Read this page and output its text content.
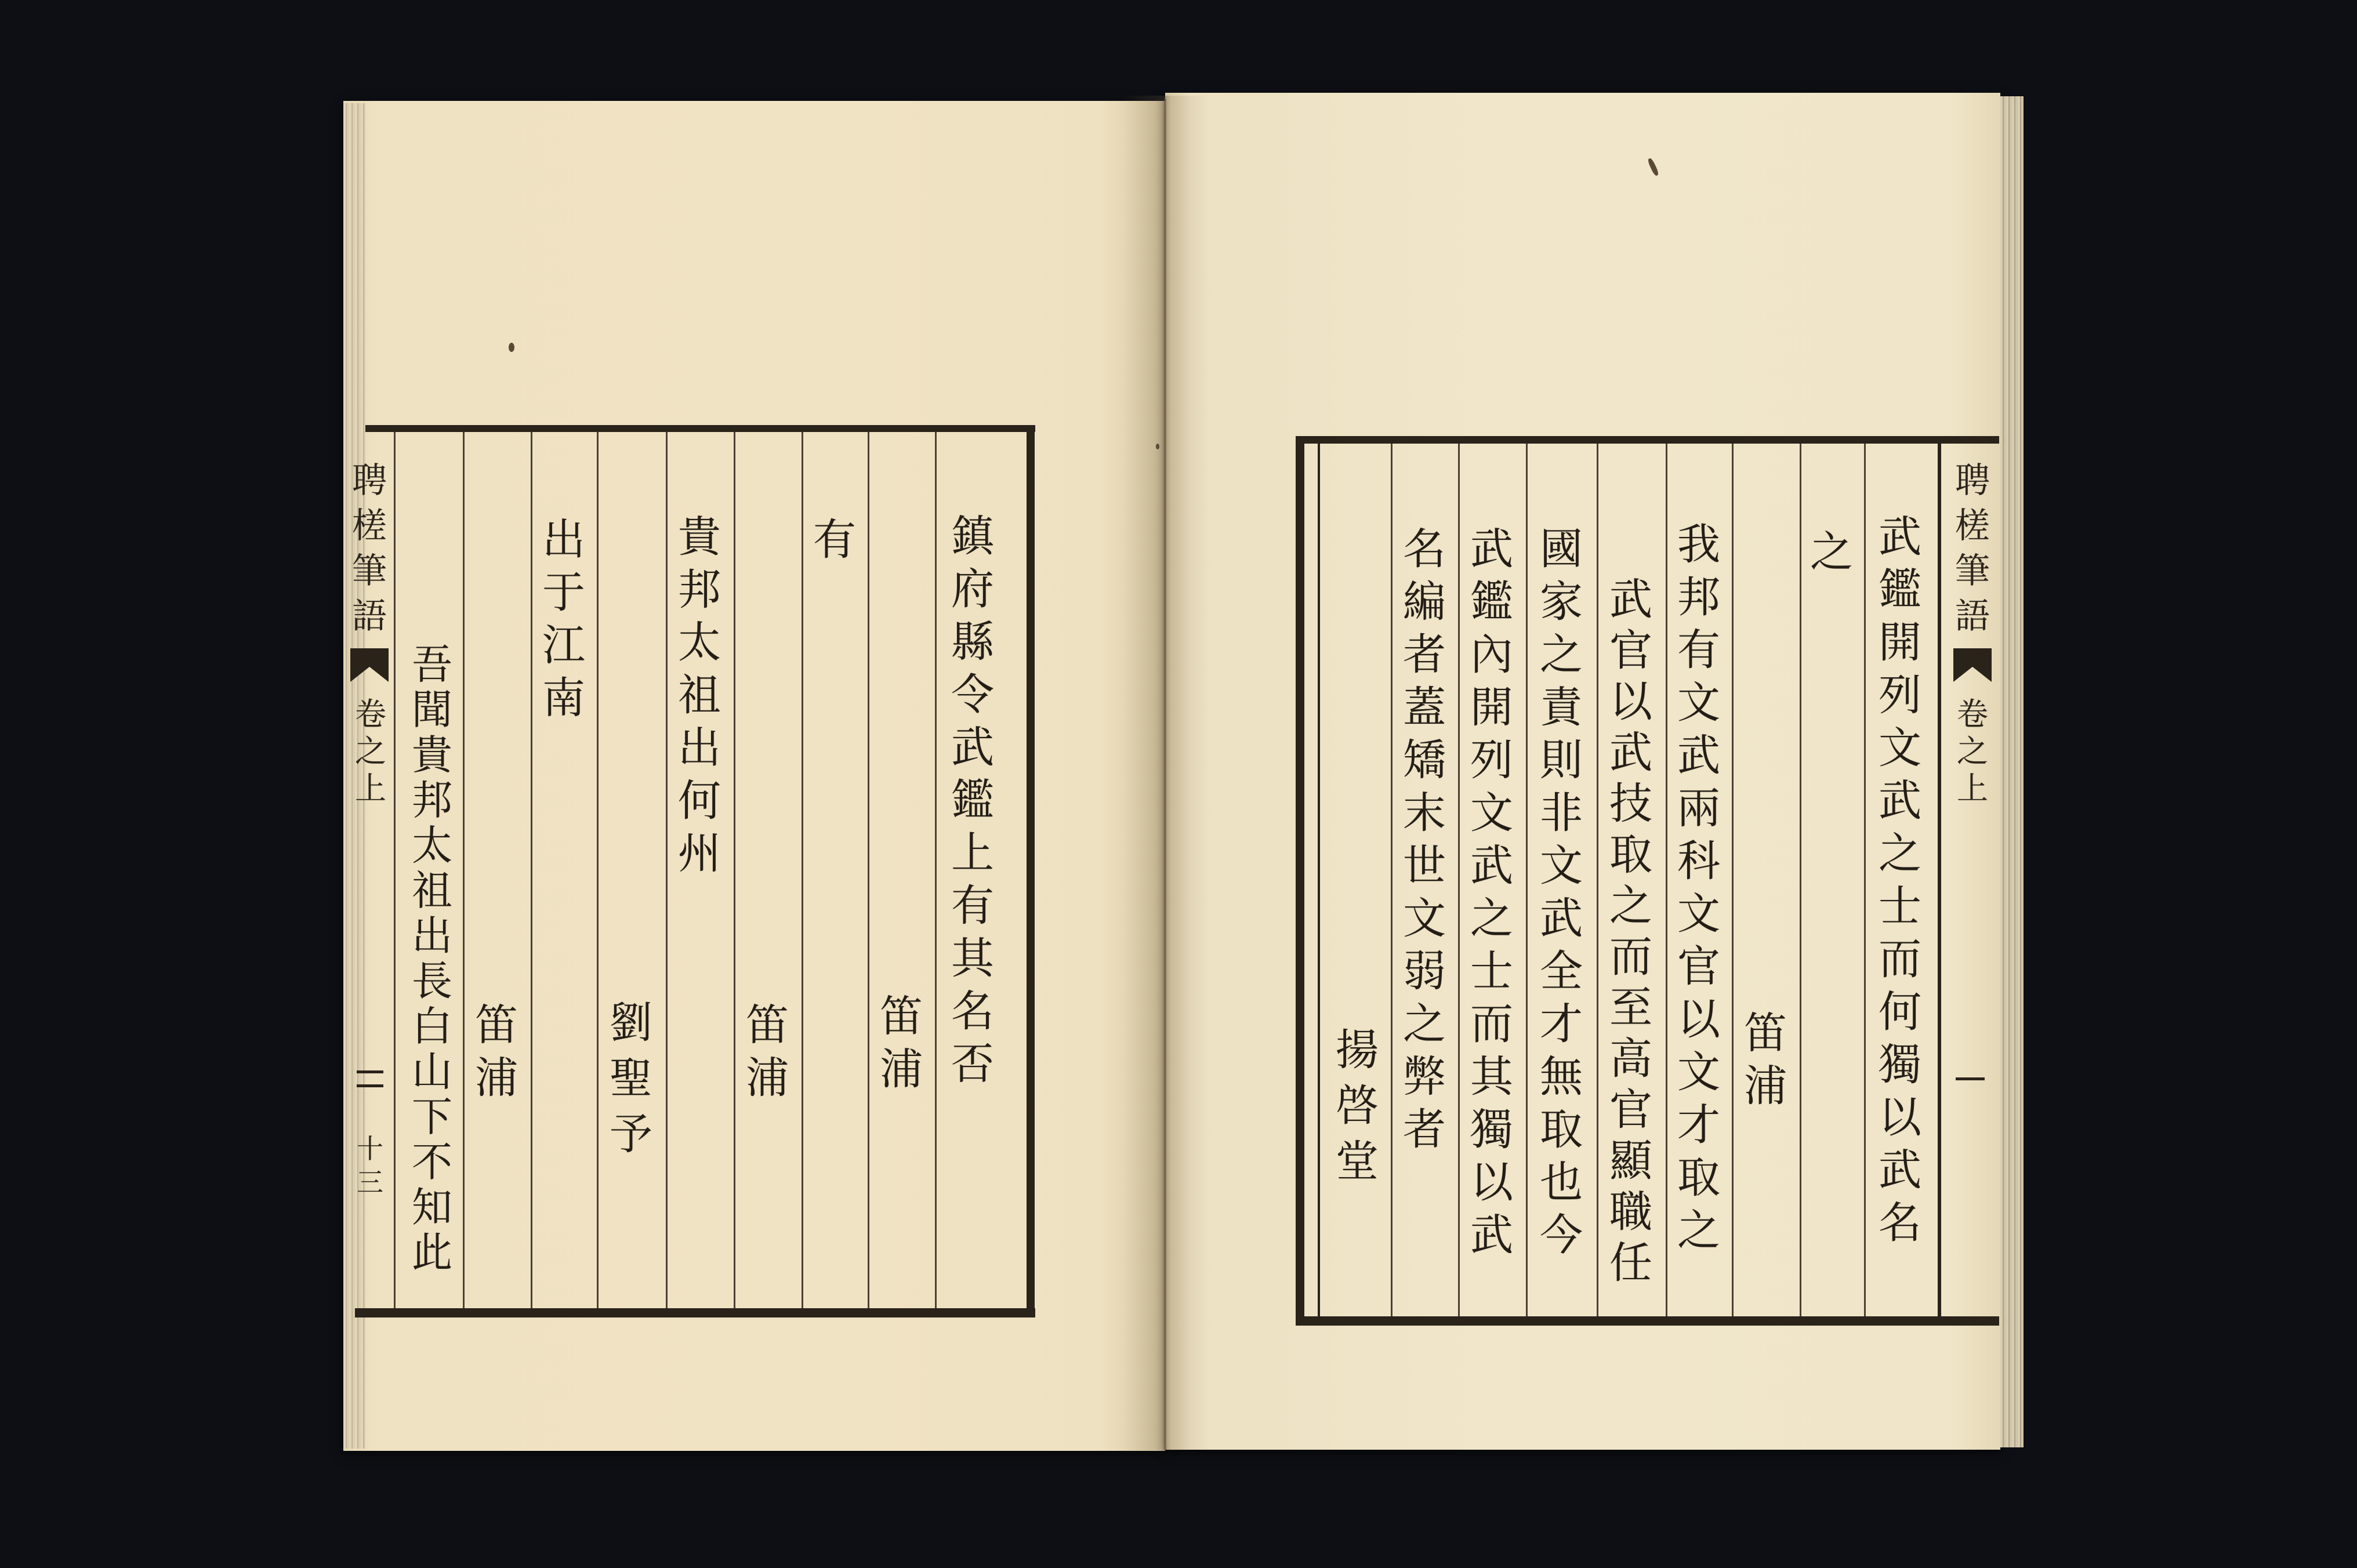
聘槎筆語
卷之上
十三
鎮府縣令武鑑上有其名否
笛浦
有
笛浦
貴邦太祖出何州
劉聖予
出于江南
笛浦
吾聞貴邦太祖出長白山下不知此
聘槎筆語
卷之上
武鑑開列文武之士而何獨以武名
之
笛浦
我邦有文武兩科文官以文才取之
武官以武技取之而至高官顯職任
國家之責則非文武全才無取也今
武鑑內開列文武之士而其獨以武
名編者蓋矯末世文弱之弊者
揚啓堂
